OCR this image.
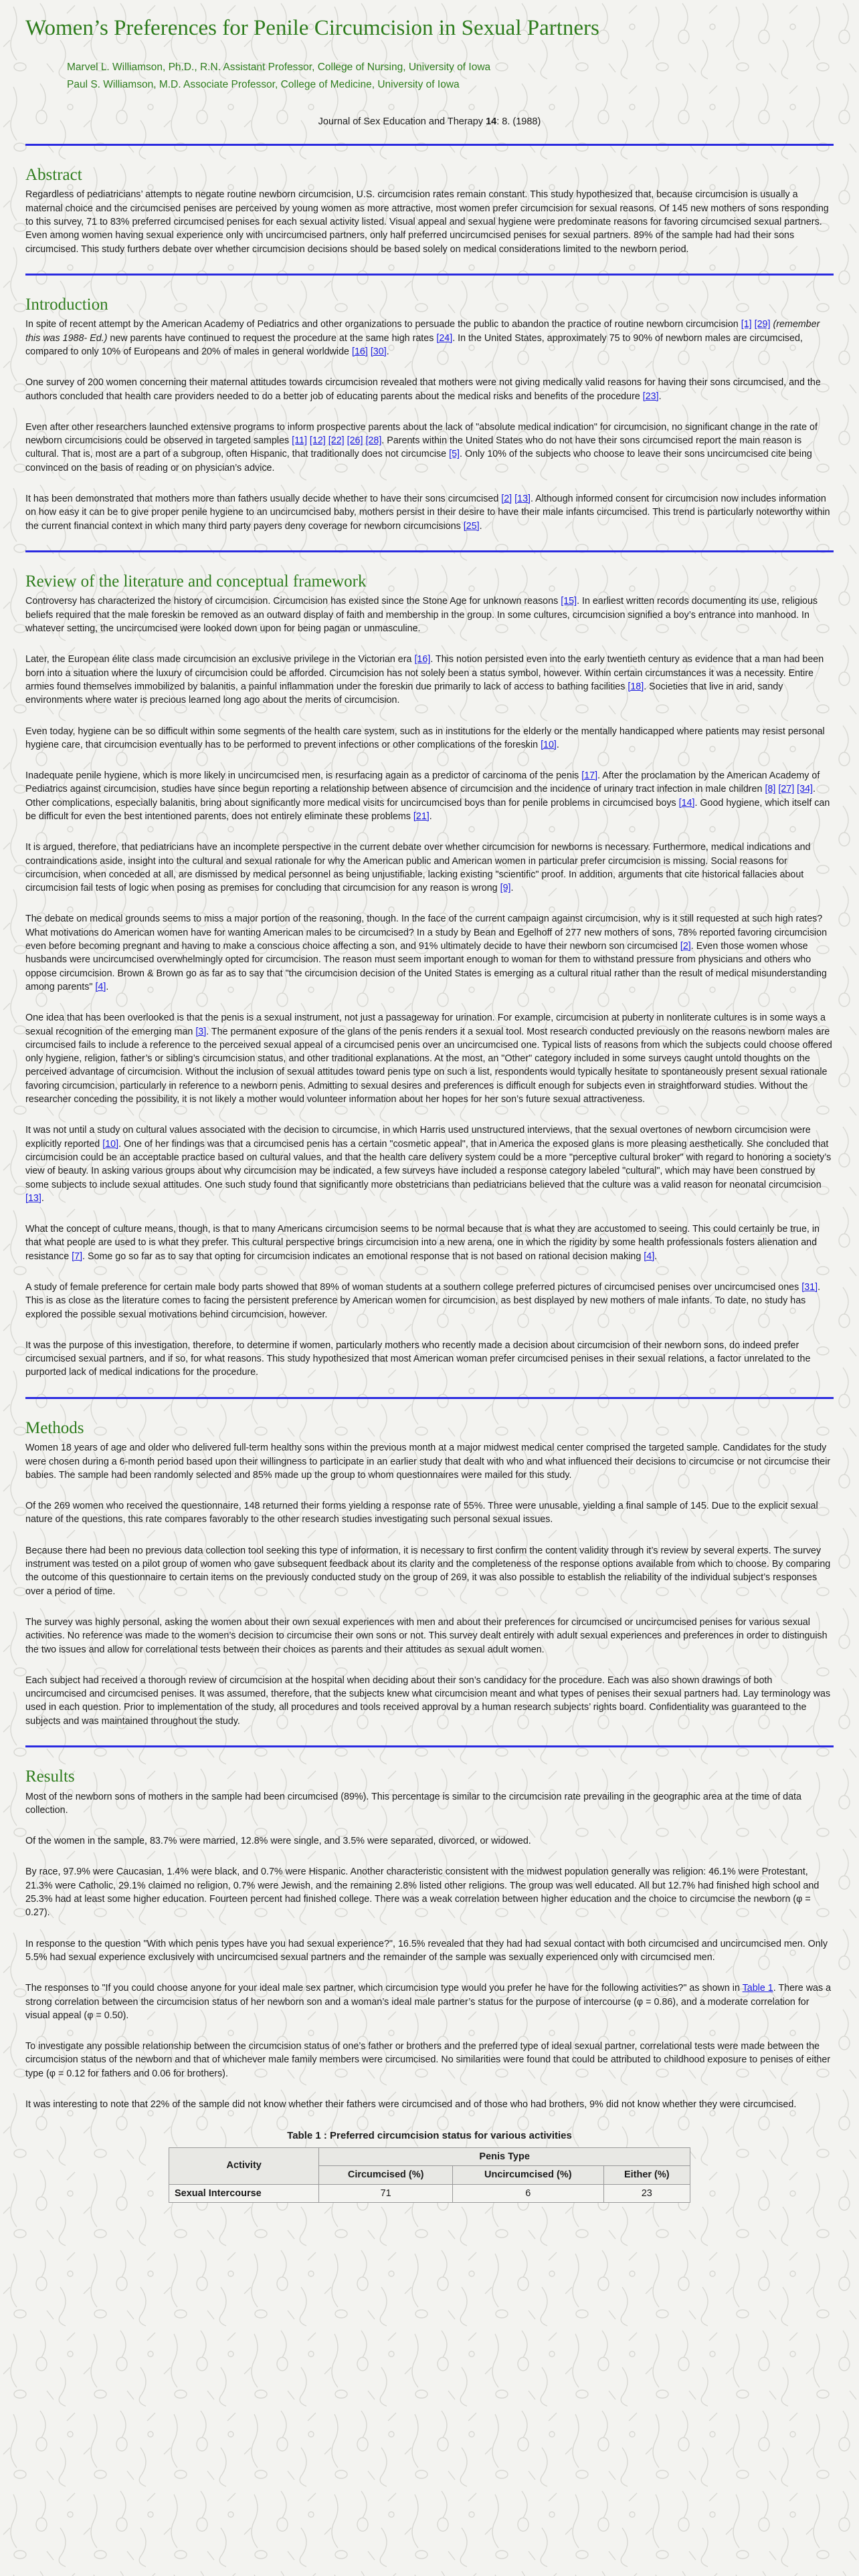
Women’s Preferences for Penile Circumcision in Sexual Partners
Marvel L. Williamson, Ph.D., R.N. Assistant Professor, College of Nursing, University of Iowa
Paul S. Williamson, M.D. Associate Professor, College of Medicine, University of Iowa
Journal of Sex Education and Therapy 14: 8. (1988)
Abstract

Regardless of pediatricians’ attempts to negate routine newborn circumcision, U.S. circumcision rates remain constant. This study hypothesized that, because circumcision is usually a maternal choice and the circumcised penises are perceived by young women as more attractive, most women prefer circumcision for sexual reasons. Of 145 new mothers of sons responding to this survey, 71 to 83% preferred circumcised penises for each sexual activity listed. Visual appeal and sexual hygiene were predominate reasons for favoring circumcised sexual partners. Even among women having sexual experience only with uncircumcised partners, only half preferred uncircumcised penises for sexual partners. 89% of the sample had had their sons circumcised. This study furthers debate over whether circumcision decisions should be based solely on medical considerations limited to the newborn period.

Introduction

In spite of recent attempt by the American Academy of Pediatrics and other organizations to persuade the public to abandon the practice of routine newborn circumcision [1] [29] (remember this was 1988- Ed.) new parents have continued to request the procedure at the same high rates [24]. In the United States, approximately 75 to 90% of newborn males are circumcised, compared to only 10% of Europeans and 20% of males in general worldwide [16] [30].

One survey of 200 women concerning their maternal attitudes towards circumcision revealed that mothers were not giving medically valid reasons for having their sons circumcised, and the authors concluded that health care providers needed to do a better job of educating parents about the medical risks and benefits of the procedure [23].

Even after other researchers launched extensive programs to inform prospective parents about the lack of "absolute medical indication" for circumcision, no significant change in the rate of newborn circumcisions could be observed in targeted samples [11] [12] [22] [26] [28]. Parents within the United States who do not have their sons circumcised report the main reason is cultural. That is, most are a part of a subgroup, often Hispanic, that traditionally does not circumcise [5]. Only 10% of the subjects who choose to leave their sons uncircumcised cite being convinced on the basis of reading or on physician’s advice.

It has been demonstrated that mothers more than fathers usually decide whether to have their sons circumcised [2] [13]. Although informed consent for circumcision now includes information on how easy it can be to give proper penile hygiene to an uncircumcised baby, mothers persist in their desire to have their male infants circumcised. This trend is particularly noteworthy within the current financial context in which many third party payers deny coverage for newborn circumcisions [25].

Review of the literature and conceptual framework

Controversy has characterized the history of circumcision. Circumcision has existed since the Stone Age for unknown reasons [15]. In earliest written records documenting its use, religious beliefs required that the male foreskin be removed as an outward display of faith and membership in the group. In some cultures, circumcision signified a boy’s entrance into manhood. In whatever setting, the uncircumcised were looked down upon for being pagan or unmasculine.

Later, the European élite class made circumcision an exclusive privilege in the Victorian era [16]. This notion persisted even into the early twentieth century as evidence that a man had been born into a situation where the luxury of circumcision could be afforded. Circumcision has not solely been a status symbol, however. Within certain circumstances it was a necessity. Entire armies found themselves immobilized by balanitis, a painful inflammation under the foreskin due primarily to lack of access to bathing facilities [18]. Societies that live in arid, sandy environments where water is precious learned long ago about the merits of circumcision.

Even today, hygiene can be so difficult within some segments of the health care system, such as in institutions for the elderly or the mentally handicapped where patients may resist personal hygiene care, that circumcision eventually has to be performed to prevent infections or other complications of the foreskin [10].

Inadequate penile hygiene, which is more likely in uncircumcised men, is resurfacing again as a predictor of carcinoma of the penis [17]. After the proclamation by the American Academy of Pediatrics against circumcision, studies have since begun reporting a relationship between absence of circumcision and the incidence of urinary tract infection in male children [8] [27] [34]. Other complications, especially balanitis, bring about significantly more medical visits for uncircumcised boys than for penile problems in circumcised boys [14]. Good hygiene, which itself can be difficult for even the best intentioned parents, does not entirely eliminate these problems [21].

It is argued, therefore, that pediatricians have an incomplete perspective in the current debate over whether circumcision for newborns is necessary. Furthermore, medical indications and contraindications aside, insight into the cultural and sexual rationale for why the American public and American women in particular prefer circumcision is missing. Social reasons for circumcision, when conceded at all, are dismissed by medical personnel as being unjustifiable, lacking existing "scientific" proof. In addition, arguments that cite historical fallacies about circumcision fail tests of logic when posing as premises for concluding that circumcision for any reason is wrong [9].

The debate on medical grounds seems to miss a major portion of the reasoning, though. In the face of the current campaign against circumcision, why is it still requested at such high rates? What motivations do American women have for wanting American males to be circumcised? In a study by Bean and Egelhoff of 277 new mothers of sons, 78% reported favoring circumcision even before becoming pregnant and having to make a conscious choice affecting a son, and 91% ultimately decide to have their newborn son circumcised [2]. Even those women whose husbands were uncircumcised overwhelmingly opted for circumcision. The reason must seem important enough to woman for them to withstand pressure from physicians and others who oppose circumcision. Brown & Brown go as far as to say that "the circumcision decision of the United States is emerging as a cultural ritual rather than the result of medical misunderstanding among parents" [4].

One idea that has been overlooked is that the penis is a sexual instrument, not just a passageway for urination. For example, circumcision at puberty in nonliterate cultures is in some ways a sexual recognition of the emerging man [3]. The permanent exposure of the glans of the penis renders it a sexual tool. Most research conducted previously on the reasons newborn males are circumcised fails to include a reference to the perceived sexual appeal of a circumcised penis over an uncircumcised one. Typical lists of reasons from which the subjects could choose offered only hygiene, religion, father’s or sibling’s circumcision status, and other traditional explanations. At the most, an "Other" category included in some surveys caught untold thoughts on the perceived advantage of circumcision. Without the inclusion of sexual attitudes toward penis type on such a list, respondents would typically hesitate to spontaneously present sexual rationale favoring circumcision, particularly in reference to a newborn penis. Admitting to sexual desires and preferences is difficult enough for subjects even in straightforward studies. Without the researcher conceding the possibility, it is not likely a mother would volunteer information about her hopes for her son’s future sexual attractiveness.

It was not until a study on cultural values associated with the decision to circumcise, in which Harris used unstructured interviews, that the sexual overtones of newborn circumcision were explicitly reported [10]. One of her findings was that a circumcised penis has a certain "cosmetic appeal", that in America the exposed glans is more pleasing aesthetically. She concluded that circumcision could be an acceptable practice based on cultural values, and that the health care delivery system could be a more "perceptive cultural broker" with regard to honoring a society’s view of beauty. In asking various groups about why circumcision may be indicated, a few surveys have included a response category labeled "cultural", which may have been construed by some subjects to include sexual attitudes. One such study found that significantly more obstetricians than pediatricians believed that the culture was a valid reason for neonatal circumcision [13].

What the concept of culture means, though, is that to many Americans circumcision seems to be normal because that is what they are accustomed to seeing. This could certainly be true, in that what people are used to is what they prefer. This cultural perspective brings circumcision into a new arena, one in which the rigidity by some health professionals fosters alienation and resistance [7]. Some go so far as to say that opting for circumcision indicates an emotional response that is not based on rational decision making [4].

A study of female preference for certain male body parts showed that 89% of woman students at a southern college preferred pictures of circumcised penises over uncircumcised ones [31]. This is as close as the literature comes to facing the persistent preference by American women for circumcision, as best displayed by new mothers of male infants. To date, no study has explored the possible sexual motivations behind circumcision, however.

It was the purpose of this investigation, therefore, to determine if women, particularly mothers who recently made a decision about circumcision of their newborn sons, do indeed prefer circumcised sexual partners, and if so, for what reasons. This study hypothesized that most American woman prefer circumcised penises in their sexual relations, a factor unrelated to the purported lack of medical indications for the procedure.

Methods

Women 18 years of age and older who delivered full-term healthy sons within the previous month at a major midwest medical center comprised the targeted sample. Candidates for the study were chosen during a 6-month period based upon their willingness to participate in an earlier study that dealt with who and what influenced their decisions to circumcise or not circumcise their babies. The sample had been randomly selected and 85% made up the group to whom questionnaires were mailed for this study.

Of the 269 women who received the questionnaire, 148 returned their forms yielding a response rate of 55%. Three were unusable, yielding a final sample of 145. Due to the explicit sexual nature of the questions, this rate compares favorably to the other research studies investigating such personal sexual issues.

Because there had been no previous data collection tool seeking this type of information, it is necessary to first confirm the content validity through it’s review by several experts. The survey instrument was tested on a pilot group of women who gave subsequent feedback about its clarity and the completeness of the response options available from which to choose. By comparing the outcome of this questionnaire to certain items on the previously conducted study on the group of 269, it was also possible to establish the reliability of the individual subject’s responses over a period of time.

The survey was highly personal, asking the women about their own sexual experiences with men and about their preferences for circumcised or uncircumcised penises for various sexual activities. No reference was made to the women’s decision to circumcise their own sons or not. This survey dealt entirely with adult sexual experiences and preferences in order to distinguish the two issues and allow for correlational tests between their choices as parents and their attitudes as sexual adult women.

Each subject had received a thorough review of circumcision at the hospital when deciding about their son’s candidacy for the procedure. Each was also shown drawings of both uncircumcised and circumcised penises. It was assumed, therefore, that the subjects knew what circumcision meant and what types of penises their sexual partners had. Lay terminology was used in each question. Prior to implementation of the study, all procedures and tools received approval by a human research subjects’ rights board. Confidentiality was guaranteed to the subjects and was maintained throughout the study.

Results

Most of the newborn sons of mothers in the sample had been circumcised (89%). This percentage is similar to the circumcision rate prevailing in the geographic area at the time of data collection.

Of the women in the sample, 83.7% were married, 12.8% were single, and 3.5% were separated, divorced, or widowed.

By race, 97.9% were Caucasian, 1.4% were black, and 0.7% were Hispanic. Another characteristic consistent with the midwest population generally was religion: 46.1% were Protestant, 21.3% were Catholic, 29.1% claimed no religion, 0.7% were Jewish, and the remaining 2.8% listed other religions. The group was well educated. All but 12.7% had finished high school and 25.3% had at least some higher education. Fourteen percent had finished college. There was a weak correlation between higher education and the choice to circumcise the newborn (φ = 0.27).

In response to the question "With which penis types have you had sexual experience?", 16.5% revealed that they had had sexual contact with both circumcised and uncircumcised men. Only 5.5% had sexual experience exclusively with uncircumcised sexual partners and the remainder of the sample was sexually experienced only with circumcised men.

The responses to "If you could choose anyone for your ideal male sex partner, which circumcision type would you prefer he have for the following activities?" as shown in Table 1. There was a strong correlation between the circumcision status of her newborn son and a woman’s ideal male partner’s status for the purpose of intercourse (φ = 0.86), and a moderate correlation for visual appeal (φ = 0.50).

To investigate any possible relationship between the circumcision status of one’s father or brothers and the preferred type of ideal sexual partner, correlational tests were made between the circumcision status of the newborn and that of whichever male family members were circumcised. No similarities were found that could be attributed to childhood exposure to penises of either type (φ = 0.12 for fathers and 0.06 for brothers).

It was interesting to note that 22% of the sample did not know whether their fathers were circumcised and of those who had brothers, 9% did not know whether they were circumcised.

Table 1 : Preferred circumcision status for various activities
Activity	Penis Type		
	Circumcised (%)	Uncircumcised (%)	Either (%)
Sexual Intercourse	71	6	23
